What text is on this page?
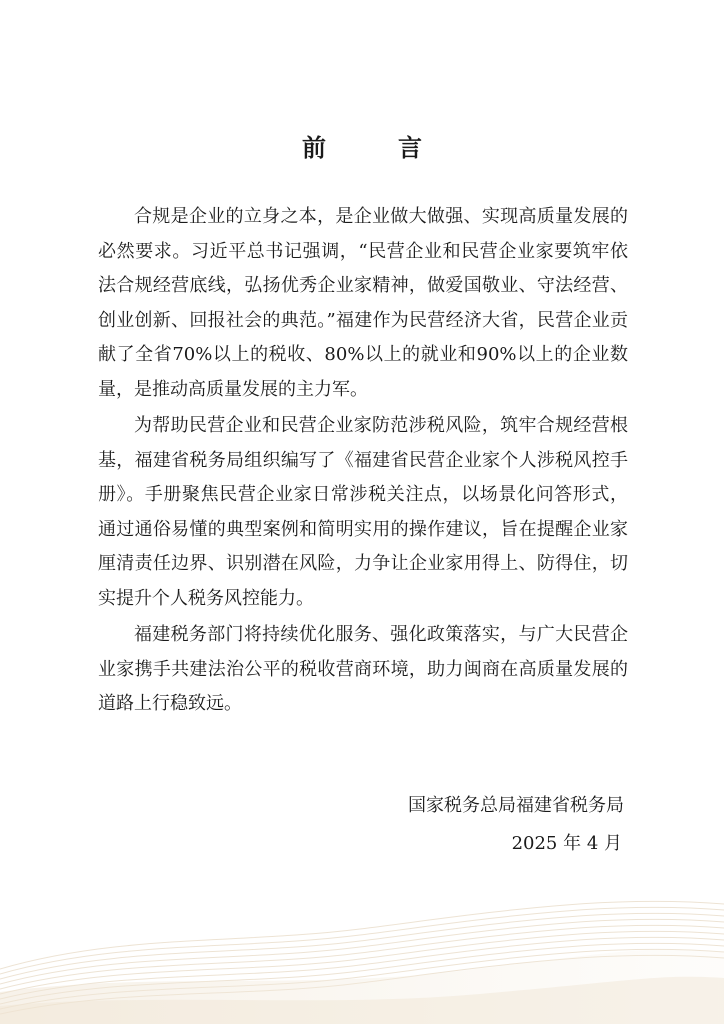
前　言

合规是企业的立身之本，是企业做大做强、实现高质量发展的必然要求。习近平总书记强调，“民营企业和民营企业家要筑牢依法合规经营底线，弘扬优秀企业家精神，做爱国敬业、守法经营、创业创新、回报社会的典范。”福建作为民营经济大省，民营企业贡献了全省70%以上的税收、80%以上的就业和90%以上的企业数量，是推动高质量发展的主力军。

为帮助民营企业和民营企业家防范涉税风险，筑牢合规经营根基，福建省税务局组织编写了《福建省民营企业家个人涉税风控手册》。手册聚焦民营企业家日常涉税关注点，以场景化问答形式，通过通俗易懂的典型案例和简明实用的操作建议，旨在提醒企业家厘清责任边界、识别潜在风险，力争让企业家用得上、防得住，切实提升个人税务风控能力。

福建税务部门将持续优化服务、强化政策落实，与广大民营企业家携手共建法治公平的税收营商环境，助力闽商在高质量发展的道路上行稳致远。

国家税务总局福建省税务局
2025 年 4 月
